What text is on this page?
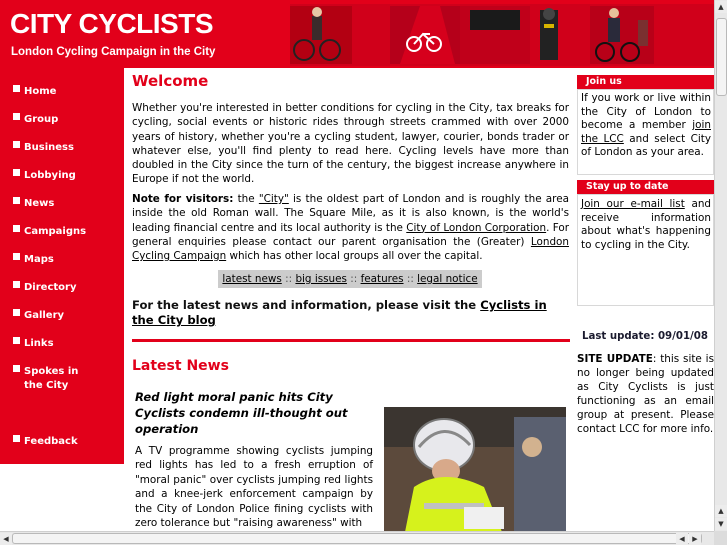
CITY CYCLISTS
London Cycling Campaign in the City
Home
Group
Business
Lobbying
News
Campaigns
Maps
Directory
Gallery
Links
Spokes in
the City
Feedback
Welcome

Whether you're interested in better conditions for cycling in the City, tax breaks for cycling, social events or historic rides through streets crammed with over 2000 years of history, whether you're a cycling student, lawyer, courier, bonds trader or whatever else, you'll find plenty to read here. Cycling levels have more than doubled in the City since the turn of the century, the biggest increase anywhere in Europe if not the world.

Note for visitors: the "City" is the oldest part of London and is roughly the area inside the old Roman wall. The Square Mile, as it is also known, is the world's leading financial centre and its local authority is the City of London Corporation. For general enquiries please contact our parent organisation the (Greater) London Cycling Campaign which has other local groups all over the capital.

latest news :: big issues :: features :: legal notice
For the latest news and information, please visit the Cyclists in the City blog
Latest News

Red light moral panic hits City Cyclists condemn ill-thought out operation

A TV programme showing cyclists jumping red lights has led to a fresh erruption of "moral panic" over cyclists jumping red lights and a knee-jerk enforcement campaign by the City of London Police fining cyclists with zero tolerance but "raising awareness" with

Join us

If you work or live within the City of London to become a member join the LCC and select City of London as your area.

Stay up to date

Join our e-mail list and receive information about what's happening to cycling in the City.

Last update: 09/01/08

SITE UPDATE: this site is no longer being updated as City Cyclists is just functioning as an email group at present. Please contact LCC for more info.

▲
▲
▼
◀	◀	▶
